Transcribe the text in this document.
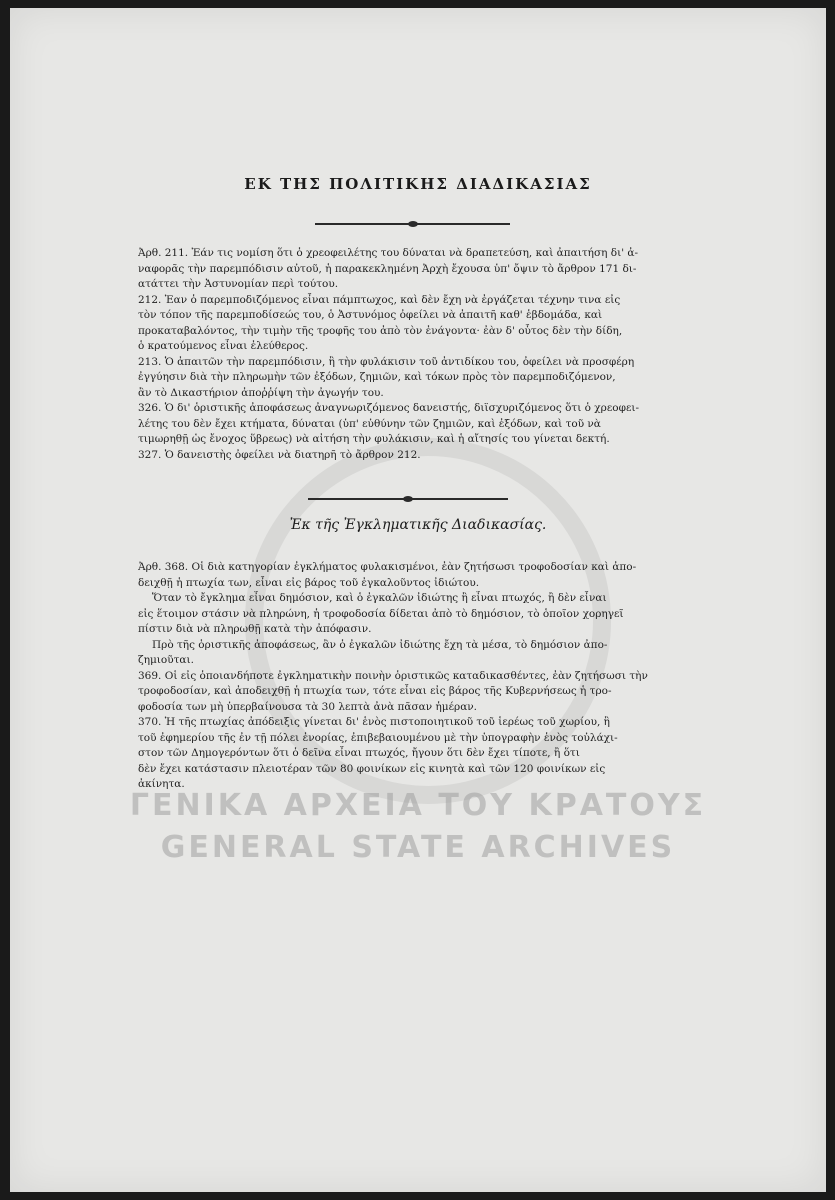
ΕΚ ΤΗΣ ΠΟΛΙΤΙΚΗΣ ΔΙΑΔΙΚΑΣΙΑΣ
Ἀρθ. 211. Ἐάν τις νομίση ὅτι ὁ χρεοφειλέτης του δύναται νὰ δραπετεύση, καὶ ἀπαιτήση δι' ἀ-
ναφορᾶς τὴν παρεμπόδισιν αὐτοῦ, ἡ παρακεκλημένη Ἀρχὴ ἔχουσα ὑπ' ὄψιν τὸ ἄρθρον 171 δι-
ατάττει τὴν Ἀστυνομίαν περὶ τούτου.
212. Ἐαν ὁ παρεμποδιζόμενος εἶναι πάμπτωχος, καὶ δὲν ἔχη νὰ ἐργάζεται τέχνην τινα εἰς
τὸν τόπον τῆς παρεμποδίσεώς του, ὁ Ἀστυνόμος ὀφείλει νὰ ἀπαιτῆ καθ' ἑβδομάδα, καὶ
προκαταβαλόντος, τὴν τιμὴν τῆς τροφῆς του ἀπὸ τὸν ἐνάγοντα· ἐὰν δ' οὗτος δὲν τὴν δίδη,
ὁ κρατούμενος εἶναι ἐλεύθερος.
213. Ὁ ἀπαιτῶν τὴν παρεμπόδισιν, ἢ τὴν φυλάκισιν τοῦ ἀντιδίκου του, ὀφείλει νὰ προσφέρη
ἐγγύησιν διὰ τὴν πληρωμὴν τῶν ἐξόδων, ζημιῶν, καὶ τόκων πρὸς τὸν παρεμποδιζόμενον,
ἂν τὸ Δικαστήριον ἀποῤῥίψη τὴν ἀγωγήν του.
326. Ὁ δι' ὁριστικῆς ἀποφάσεως ἀναγνωριζόμενος δανειστής, διϊσχυριζόμενος ὅτι ὁ χρεοφει-
λέτης του δὲν ἔχει κτήματα, δύναται (ὑπ' εὐθύνην τῶν ζημιῶν, καὶ ἐξόδων, καὶ τοῦ νὰ
τιμωρηθῇ ὡς ἔνοχος ὕβρεως) νὰ αἰτήση τὴν φυλάκισιν, καὶ ἡ αἴτησίς του γίνεται δεκτή.
327. Ὁ δανειστὴς ὀφείλει νὰ διατηρῆ τὸ ἄρθρον 212.
Ἐκ τῆς Ἐγκληματικῆς Διαδικασίας.
Ἀρθ. 368. Οἱ διὰ κατηγορίαν ἐγκλήματος φυλακισμένοι, ἐὰν ζητήσωσι τροφοδοσίαν καὶ ἀπο-
δειχθῇ ἡ πτωχία των, εἶναι εἰς βάρος τοῦ ἐγκαλοῦντος ἰδιώτου.
Ὅταν τὸ ἔγκλημα εἶναι δημόσιον, καὶ ὁ ἐγκαλῶν ἰδιώτης ἢ εἶναι πτωχός, ἢ δὲν εἶναι
εἰς ἕτοιμον στάσιν νὰ πληρώνη, ἡ τροφοδοσία δίδεται ἀπὸ τὸ δημόσιον, τὸ ὁποῖον χορηγεῖ
πίστιν διὰ νὰ πληρωθῇ κατὰ τὴν ἀπόφασιν.
Πρὸ τῆς ὁριστικῆς ἀποφάσεως, ἂν ὁ ἐγκαλῶν ἰδιώτης ἔχη τὰ μέσα, τὸ δημόσιον ἀπο-
ζημιοῦται.
369. Οἱ εἰς ὁποιανδήποτε ἐγκληματικὴν ποινὴν ὁριστικῶς καταδικασθέντες, ἐὰν ζητήσωσι τὴν
τροφοδοσίαν, καὶ ἀποδειχθῇ ἡ πτωχία των, τότε εἶναι εἰς βάρος τῆς Κυβερνήσεως ἡ τρο-
φοδοσία των μὴ ὑπερβαίνουσα τὰ 30 λεπτὰ ἀνὰ πᾶσαν ἡμέραν.
370. Ἡ τῆς πτωχίας ἀπόδειξις γίνεται δι' ἑνὸς πιστοποιητικοῦ τοῦ ἱερέως τοῦ χωρίου, ἢ
τοῦ ἐφημερίου τῆς ἐν τῇ πόλει ἐνορίας, ἐπιβεβαιουμένου μὲ τὴν ὑπογραφὴν ἑνὸς τοὐλάχι-
στον τῶν Δημογερόντων ὅτι ὁ δεῖνα εἶναι πτωχός, ἤγουν ὅτι δὲν ἔχει τίποτε, ἢ ὅτι
δὲν ἔχει κατάστασιν πλειοτέραν τῶν 80 φοινίκων εἰς κινητὰ καὶ τῶν 120 φοινίκων εἰς
ἀκίνητα.
ΓΕΝΙΚΑ ΑΡΧΕΙΑ ΤΟΥ ΚΡΑΤΟΥΣ
GENERAL STATE ARCHIVES
